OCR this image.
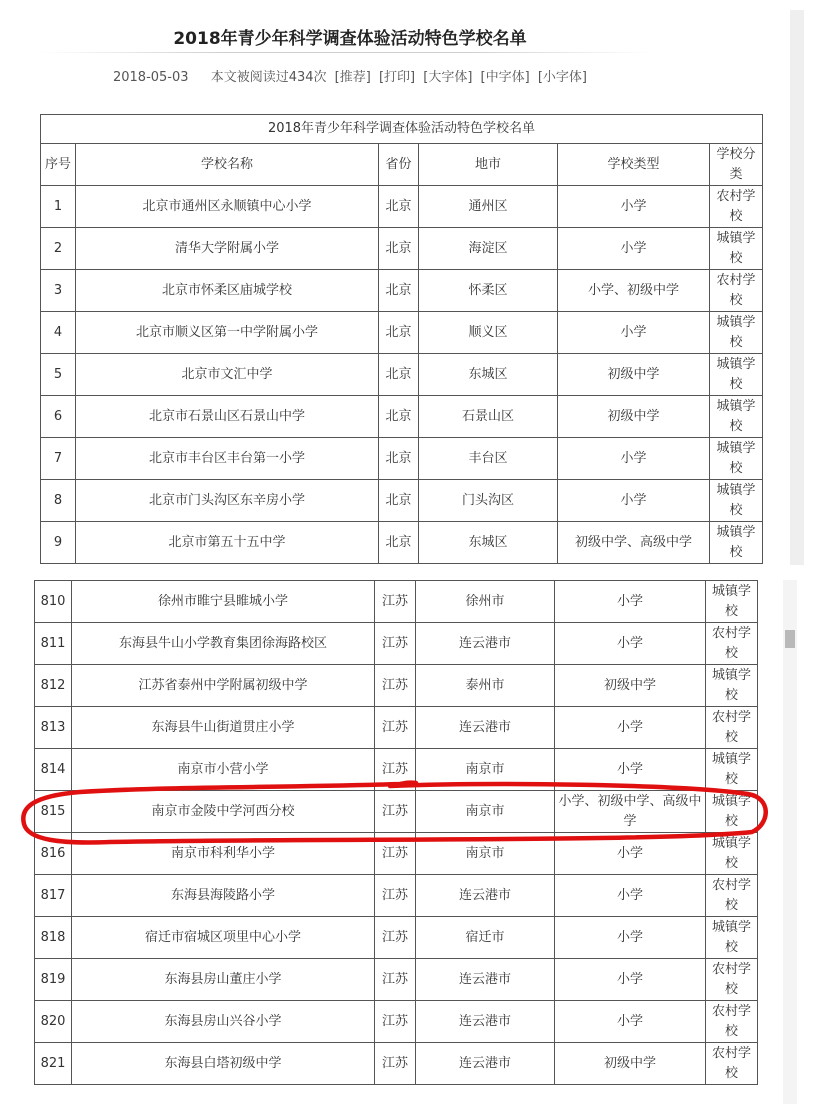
2018年青少年科学调查体验活动特色学校名单
2018-05-03 本文被阅读过434次 [推荐] [打印] [大字体] [中字体] [小字体]
2018年青少年科学调查体验活动特色学校名单					
序号	学校名称	省份	地市	学校类型	学校分类
1	北京市通州区永顺镇中心小学	北京	通州区	小学	农村学校
2	清华大学附属小学	北京	海淀区	小学	城镇学校
3	北京市怀柔区庙城学校	北京	怀柔区	小学、初级中学	农村学校
4	北京市顺义区第一中学附属小学	北京	顺义区	小学	城镇学校
5	北京市文汇中学	北京	东城区	初级中学	城镇学校
6	北京市石景山区石景山中学	北京	石景山区	初级中学	城镇学校
7	北京市丰台区丰台第一小学	北京	丰台区	小学	城镇学校
8	北京市门头沟区东辛房小学	北京	门头沟区	小学	城镇学校
9	北京市第五十五中学	北京	东城区	初级中学、高级中学	城镇学校
810	徐州市睢宁县睢城小学	江苏	徐州市	小学	城镇学校
811	东海县牛山小学教育集团徐海路校区	江苏	连云港市	小学	农村学校
812	江苏省泰州中学附属初级中学	江苏	泰州市	初级中学	城镇学校
813	东海县牛山街道贯庄小学	江苏	连云港市	小学	农村学校
814	南京市小营小学	江苏	南京市	小学	城镇学校
815	南京市金陵中学河西分校	江苏	南京市	小学、初级中学、高级中学	城镇学校
816	南京市科利华小学	江苏	南京市	小学	城镇学校
817	东海县海陵路小学	江苏	连云港市	小学	农村学校
818	宿迁市宿城区项里中心小学	江苏	宿迁市	小学	城镇学校
819	东海县房山董庄小学	江苏	连云港市	小学	农村学校
820	东海县房山兴谷小学	江苏	连云港市	小学	农村学校
821	东海县白塔初级中学	江苏	连云港市	初级中学	农村学校
